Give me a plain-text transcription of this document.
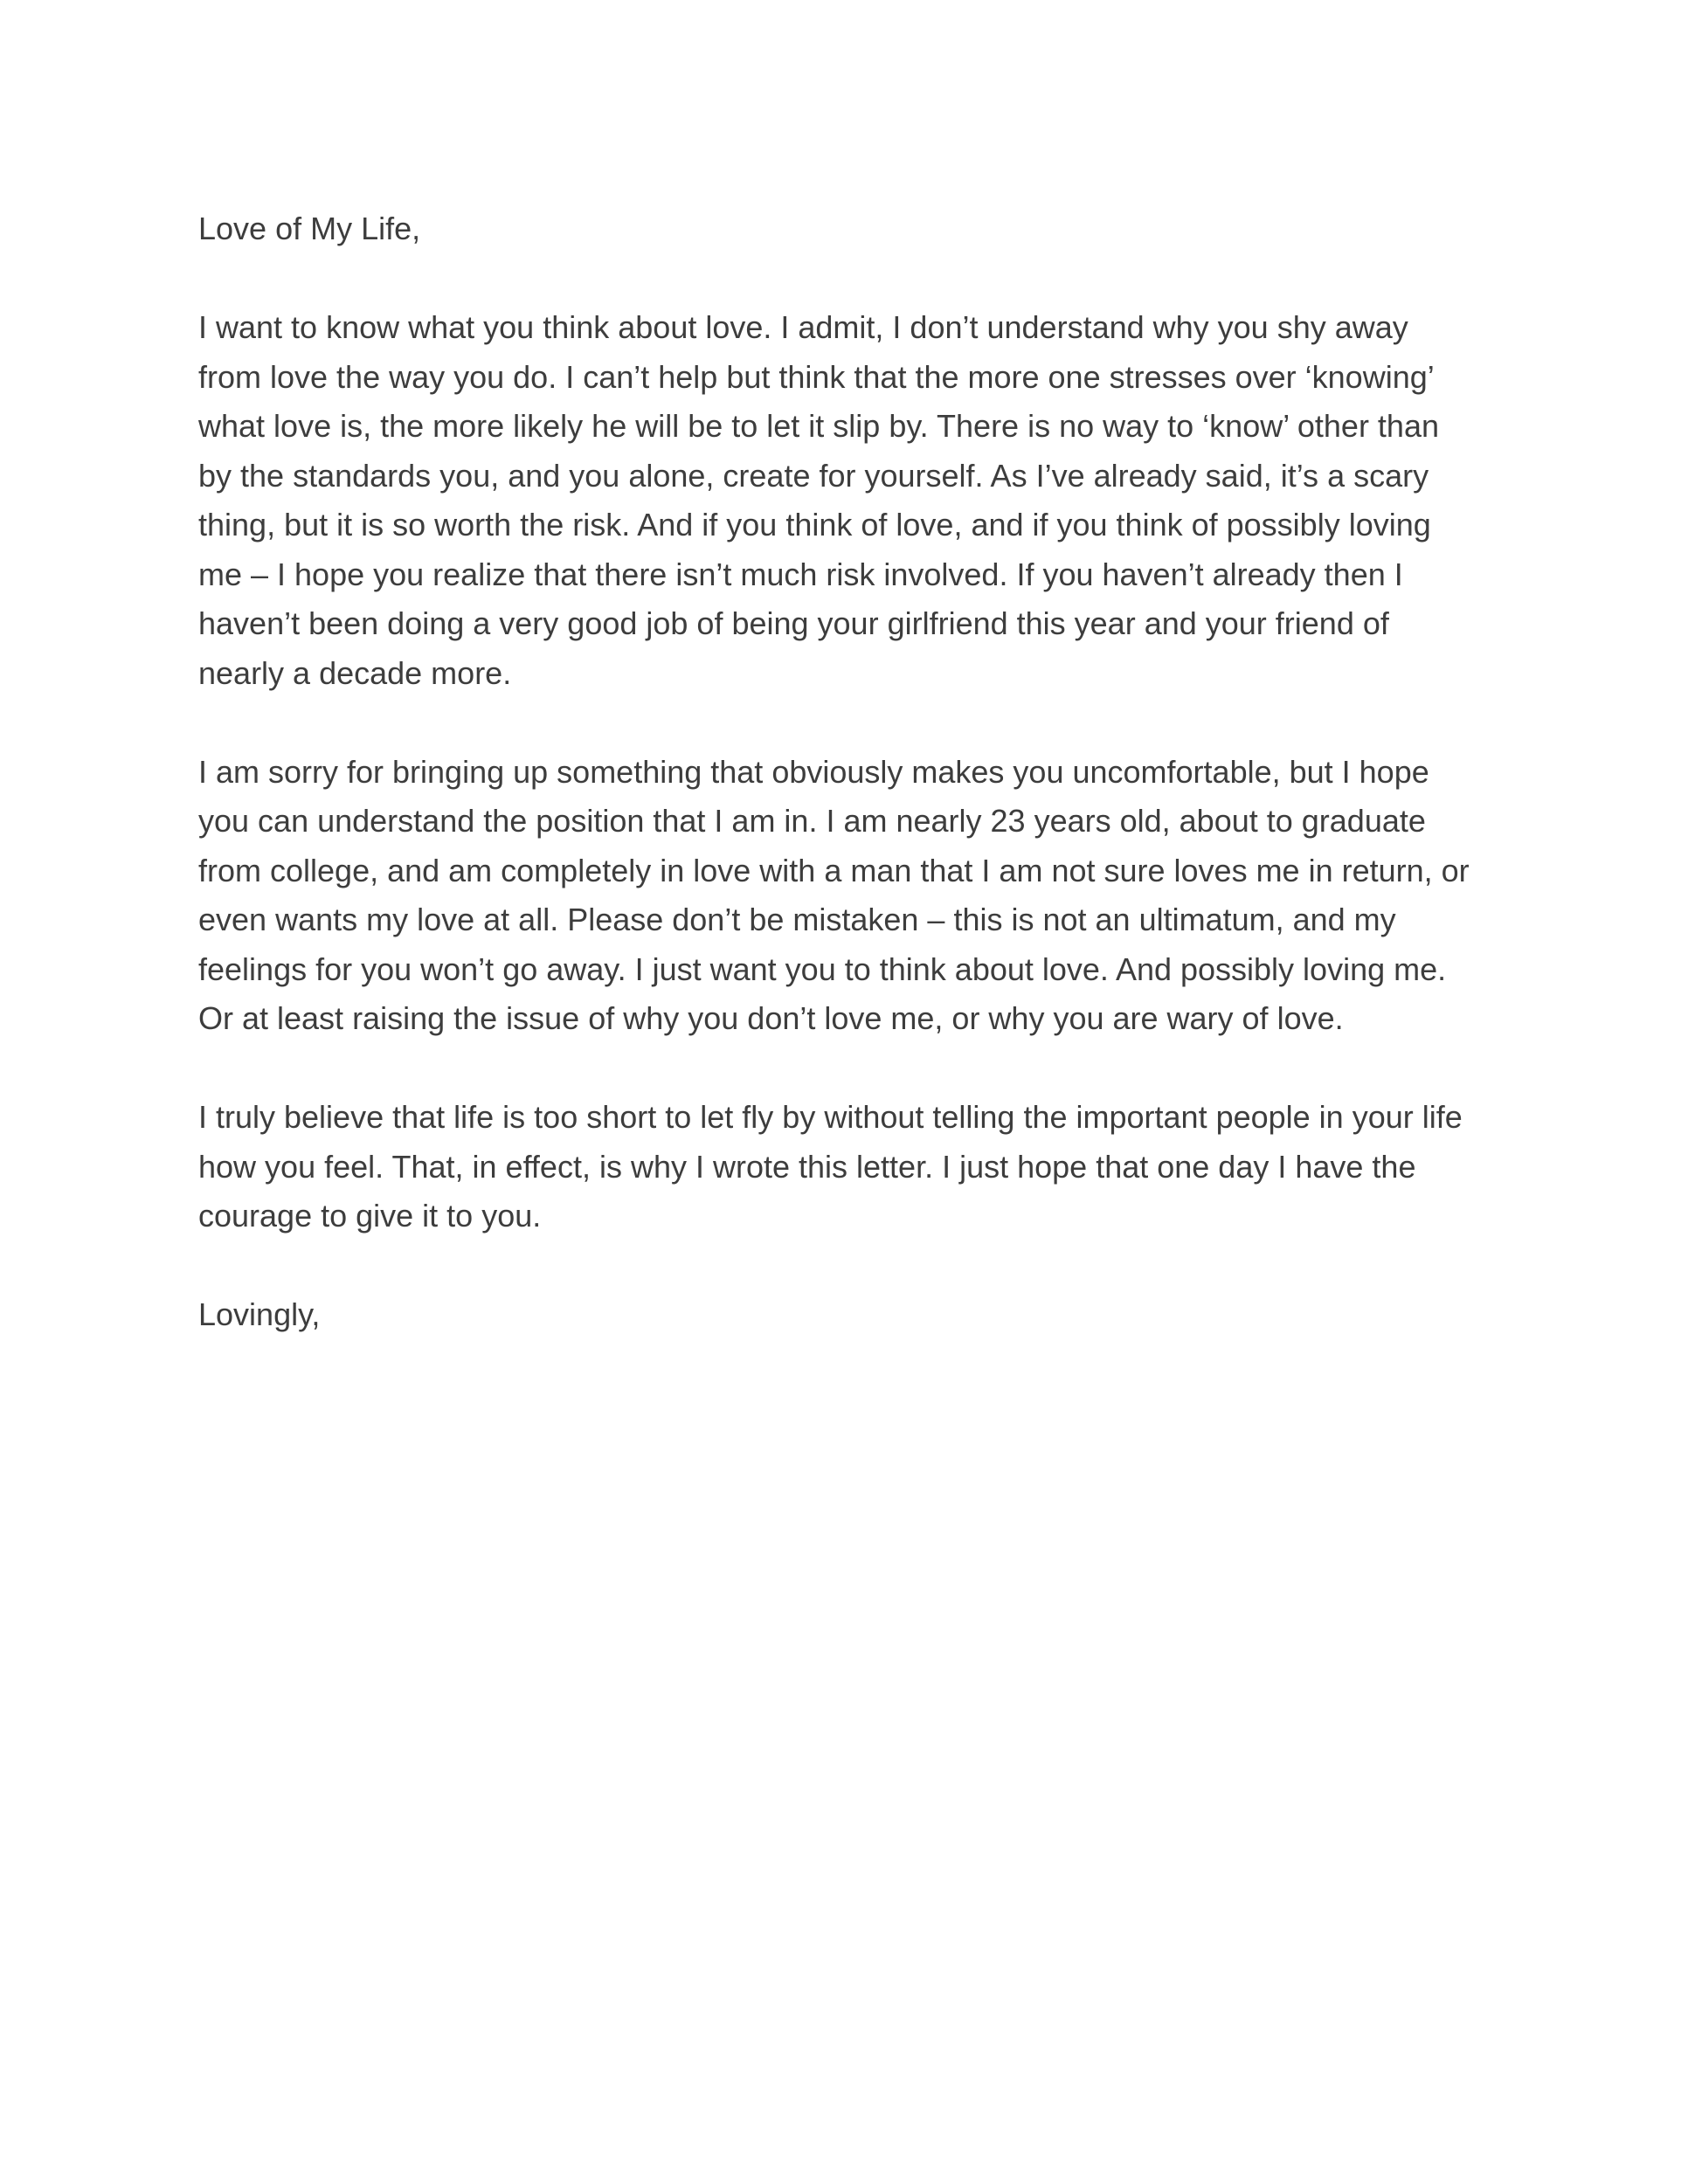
Love of My Life,

I want to know what you think about love. I admit, I don’t understand why you shy away
from love the way you do. I can’t help but think that the more one stresses over ‘knowing’
what love is, the more likely he will be to let it slip by. There is no way to ‘know’ other than
by the standards you, and you alone, create for yourself. As I’ve already said, it’s a scary
thing, but it is so worth the risk. And if you think of love, and if you think of possibly loving
me – I hope you realize that there isn’t much risk involved. If you haven’t already then I
haven’t been doing a very good job of being your girlfriend this year and your friend of
nearly a decade more.

I am sorry for bringing up something that obviously makes you uncomfortable, but I hope
you can understand the position that I am in. I am nearly 23 years old, about to graduate
from college, and am completely in love with a man that I am not sure loves me in return, or
even wants my love at all. Please don’t be mistaken – this is not an ultimatum, and my
feelings for you won’t go away. I just want you to think about love. And possibly loving me.
Or at least raising the issue of why you don’t love me, or why you are wary of love.

I truly believe that life is too short to let fly by without telling the important people in your life
how you feel. That, in effect, is why I wrote this letter. I just hope that one day I have the
courage to give it to you.

Lovingly,
